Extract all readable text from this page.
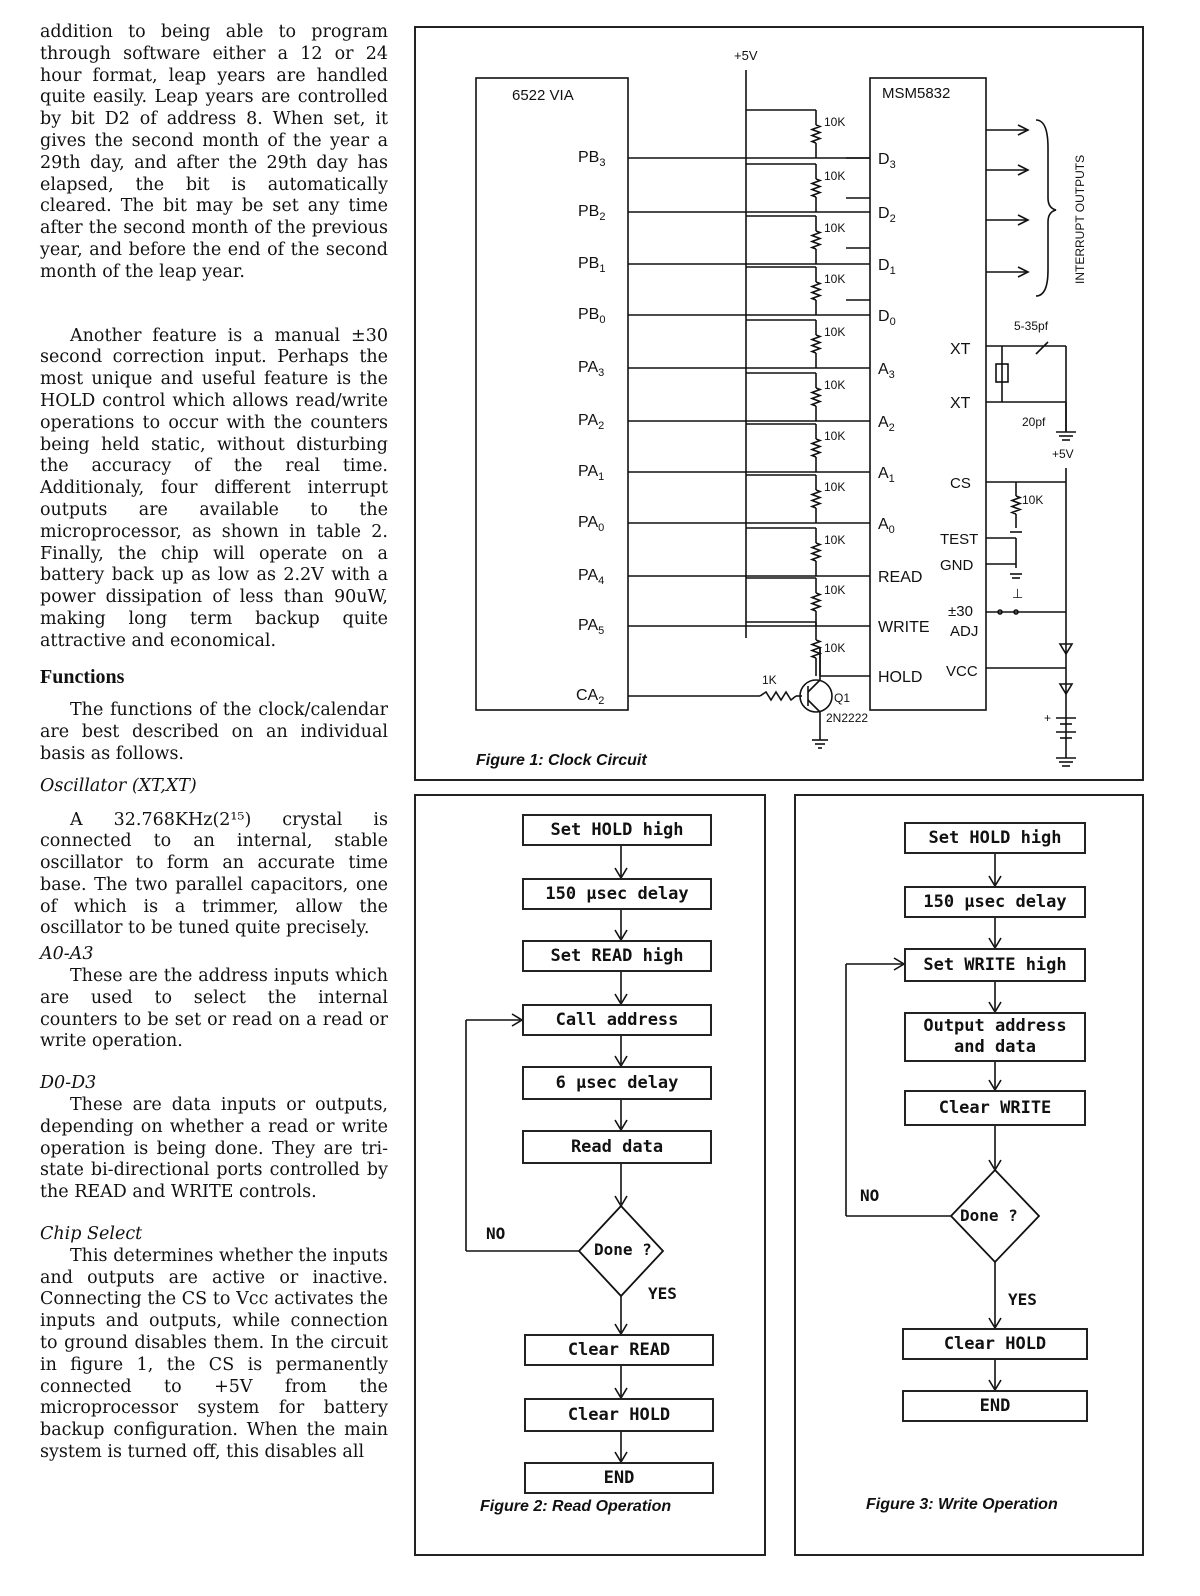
addition to being able to program through software either a 12 or 24 hour format, leap years are handled quite easily. Leap years are controlled by bit D2 of address 8. When set, it gives the second month of the year a 29th day, and after the 29th day has elapsed, the bit is automatically cleared. The bit may be set any time after the second month of the previous year, and before the end of the second month of the leap year.

Another feature is a manual ±30 second correction input. Perhaps the most unique and useful feature is the HOLD control which allows read/write operations to occur with the counters being held static, without disturbing the accuracy of the real time. Additionaly, four different interrupt outputs are available to the microprocessor, as shown in table 2. Finally, the chip will operate on a battery back up as low as 2.2V with a power dissipation of less than 90uW, making long term backup quite attractive and economical.

Functions

The functions of the clock/calendar are best described on an individual basis as follows.

Oscillator (XT,XT)

A 32.768KHz(2¹⁵) crystal is connected to an internal, stable oscillator to form an accurate time base. The two parallel capacitors, one of which is a trimmer, allow the oscillator to be tuned quite precisely.

A0-A3

These are the address inputs which are used to select the internal counters to be set or read on a read or write operation.

D0-D3

These are data inputs or outputs, depending on whether a read or write operation is being done. They are tri-state bi-directional ports controlled by the READ and WRITE controls.

Chip Select

This determines whether the inputs and outputs are active or inactive. Connecting the CS to Vcc activates the inputs and outputs, while connection to ground disables them. In the circuit in figure 1, the CS is permanently connected to +5V from the microprocessor system for battery backup configuration. When the main system is turned off, this disables all

6522 VIA	MSM5832
+5V
$PB_3$
10K
$PB_2$
10K
$PB_1$
10K
$PB_0$
10K
$PA_3$
10K
$PA_2$
10K
$PA_1$
10K
$PA_0$
10K
$PA_4$
10K
$PA_5$
10K
$D_3$
$D_2$
$D_1$
$D_0$
$A_3$
$A_2$
$A_1$
$A_0$
READ
WRITE
HOLD
$CA_2$
1K
Q1
2N2222
10K
INTERRUPT OUTPUTS
XT
XT
CS
TEST
GND
±30
ADJ
VCC
5-35pf
20pf
+5V
10K
⊥
+
Figure 1: Clock Circuit
Set HOLD high
150 µsec delay
Set READ high
Call address
6 µsec delay
Read data
Done ?
NO
YES
Clear READ
Clear HOLD
END
Figure 2: Read Operation
Set HOLD high
150 µsec delay
Set WRITE high
Output address and data
Clear WRITE
Done ?
NO
YES
Clear HOLD
END
Figure 3: Write Operation
